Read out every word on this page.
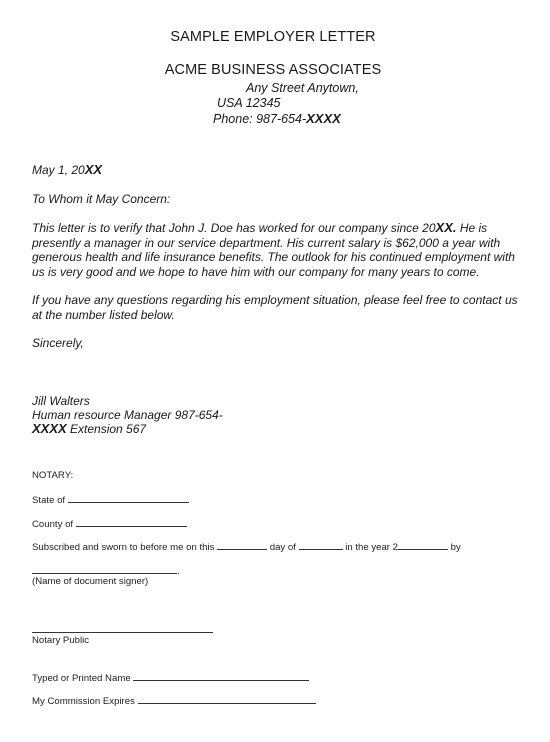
SAMPLE EMPLOYER LETTER
ACME BUSINESS ASSOCIATES
Any Street Anytown,
USA 12345
Phone: 987-654-XXXX
May 1, 20XX
To Whom it May Concern:
This letter is to verify that John J. Doe has worked for our company since 20XX. He is presently a manager in our service department. His current salary is $62,000 a year with generous health and life insurance benefits. The outlook for his continued employment with us is very good and we hope to have him with our company for many years to come.
If you have any questions regarding his employment situation, please feel free to contact us at the number listed below.
Sincerely,
Jill Walters
Human resource Manager 987-654-
XXXX Extension 567
NOTARY:
State of
County of
Subscribed and sworn to before me on this	day of	in the year 2	by
.
(Name of document signer)
Notary Public
Typed or Printed Name
My Commission Expires
